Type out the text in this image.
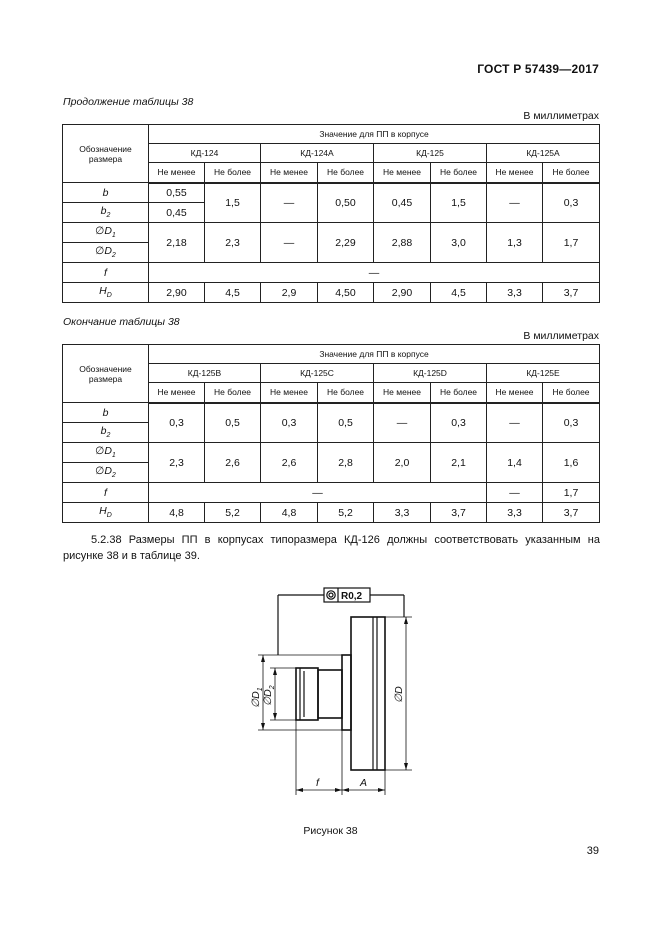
ГОСТ Р 57439—2017
Продолжение таблицы 38
В миллиметрах
Обозначение размера	Значение для ПП в корпусе							
	КД-124		КД-124А		КД-125		КД-125А	
	Не менее	Не более	Не менее	Не более	Не менее	Не более	Не менее	Не более
b	0,55	1,5	—	0,50	0,45	1,5	—	0,3
$b_2$	0,45							
$\emptyset D_1$	2,18	2,3	—	2,29	2,88	3,0	1,3	1,7
$\emptyset D_2$
f	—							
$H_D$	2,90	4,5	2,9	4,50	2,90	4,5	3,3	3,7
Окончание таблицы 38
В миллиметрах
Обозначение размера	Значение для ПП в корпусе							
	КД-125В		КД-125С		КД-125D		КД-125Е	
	Не менее	Не более	Не менее	Не более	Не менее	Не более	Не менее	Не более
b	0,3	0,5	0,3	0,5	—	0,3	—	0,3
$b_2$
$\emptyset D_1$	2,3	2,6	2,6	2,8	2,0	2,1	1,4	1,6
$\emptyset D_2$
f	—						—	1,7
$H_D$	4,8	5,2	4,8	5,2	3,3	3,7	3,3	3,7
5.2.38 Размеры ПП в корпусах типоразмера КД-126 должны соответствовать указанным на рисунке 38 и в таблице 39.
R0,2
$\emptyset D_1$
$\emptyset D_2$	∅D
f	A
Рисунок 38
39
